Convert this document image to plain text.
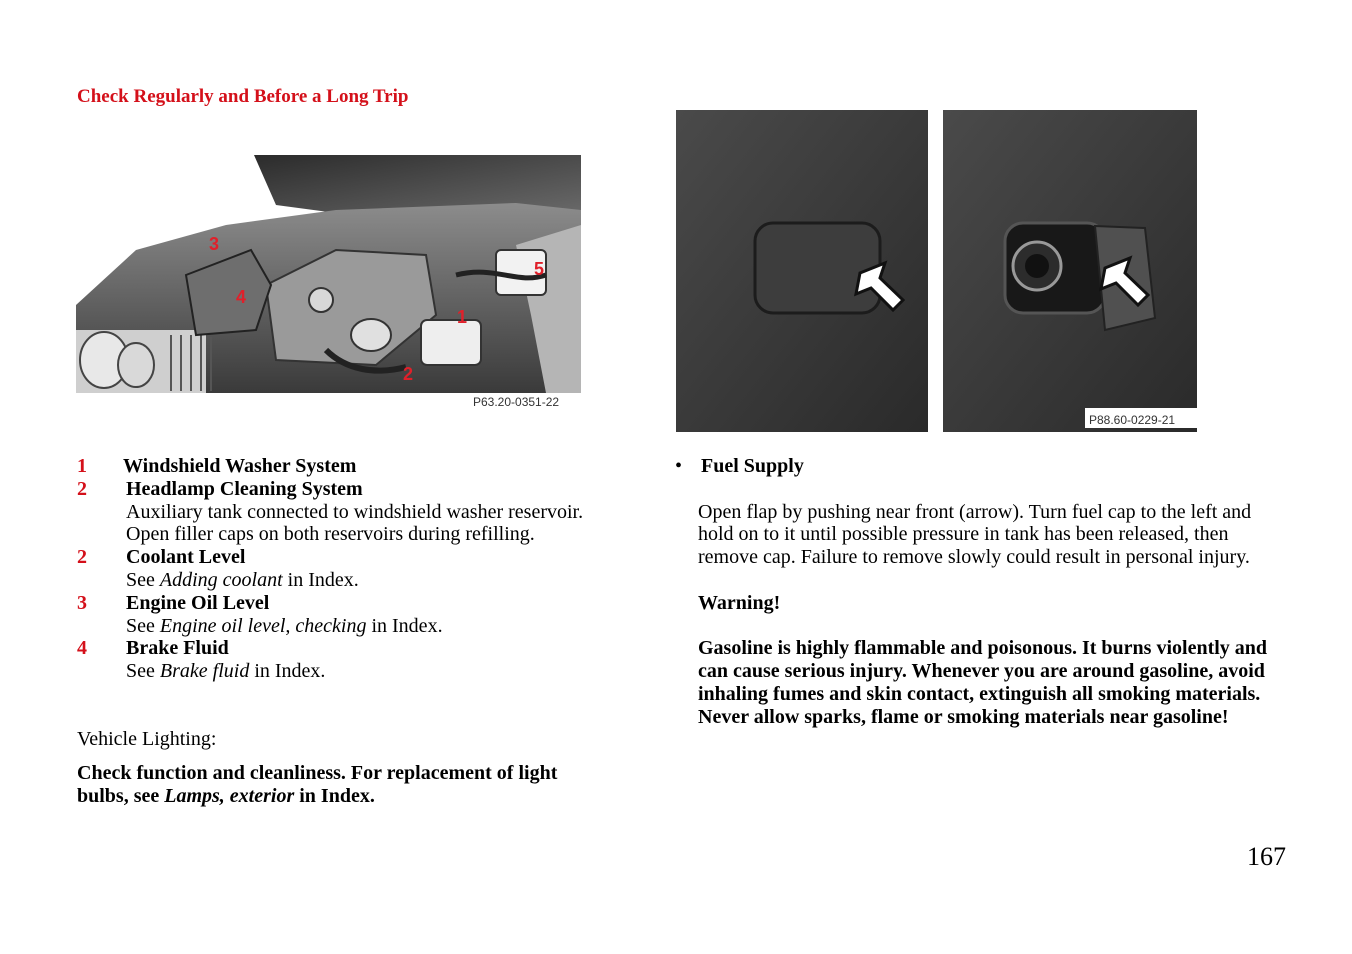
Check Regularly and Before a Long Trip
3
4
1
2
5
P63.20-0351-22
P88.60-0229-21
1	Windshield Washer System
2	Headlamp Cleaning System
Auxiliary tank connected to windshield washer reservoir. Open filler caps on both reservoirs during refilling.
2	Coolant Level
See Adding coolant in Index.
3	Engine Oil Level
See Engine oil level, checking in Index.
4	Brake Fluid
See Brake fluid in Index.
Vehicle Lighting:
Check function and cleanliness. For replacement of light bulbs, see Lamps, exterior in Index.
• Fuel Supply
Open flap by pushing near front (arrow). Turn fuel cap to the left and hold on to it until possible pressure in tank has been released, then remove cap. Failure to remove slowly could result in personal injury.
Warning!
Gasoline is highly flammable and poisonous. It burns violently and can cause serious injury. Whenever you are around gasoline, avoid inhaling fumes and skin contact, extinguish all smoking materials. Never allow sparks, flame or smoking materials near gasoline!
167
